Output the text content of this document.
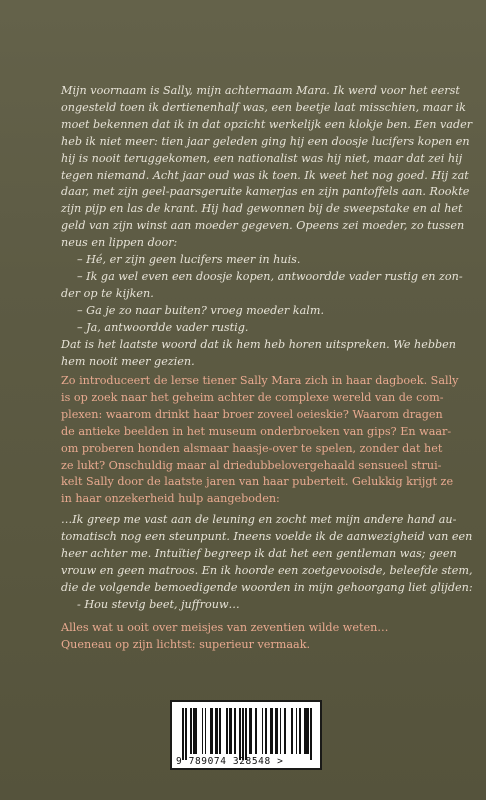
Mijn voornaam is Sally, mijn achternaam Mara. Ik werd voor het eerst
ongesteld toen ik dertienenhalf was, een beetje laat misschien, maar ik
moet bekennen dat ik in dat opzicht werkelijk een klokje ben. Een vader
heb ik niet meer: tien jaar geleden ging hij een doosje lucifers kopen en
hij is nooit teruggekomen, een nationalist was hij niet, maar dat zei hij
tegen niemand. Acht jaar oud was ik toen. Ik weet het nog goed. Hij zat
daar, met zijn geel-paarsgeruite kamerjas en zijn pantoffels aan. Rookte
zijn pijp en las de krant. Hij had gewonnen bij de sweepstake en al het
geld van zijn winst aan moeder gegeven. Opeens zei moeder, zo tussen
neus en lippen door:
– Hé, er zijn geen lucifers meer in huis.
– Ik ga wel even een doosje kopen, antwoordde vader rustig en zon-
der op te kijken.
– Ga je zo naar buiten? vroeg moeder kalm.
– Ja, antwoordde vader rustig.
Dat is het laatste woord dat ik hem heb horen uitspreken. We hebben
hem nooit meer gezien.

Zo introduceert de lerse tiener Sally Mara zich in haar dagboek. Sally
is op zoek naar het geheim achter de complexe wereld van de com-
plexen: waarom drinkt haar broer zoveel oeieskie? Waarom dragen
de antieke beelden in het museum onderbroeken van gips? En waar-
om proberen honden alsmaar haasje-over te spelen, zonder dat het
ze lukt? Onschuldig maar al driedubbelovergehaald sensueel strui-
kelt Sally door de laatste jaren van haar puberteit. Gelukkig krijgt ze
in haar onzekerheid hulp aangeboden:

…Ik greep me vast aan de leuning en zocht met mijn andere hand au-
tomatisch nog een steunpunt. Ineens voelde ik de aanwezigheid van een
heer achter me. Intuïtief begreep ik dat het een gentleman was; geen
vrouw en geen matroos. En ik hoorde een zoetgevooisde, beleefde stem,
die de volgende bemoedigende woorden in mijn gehoorgang liet glijden:
- Hou stevig beet, juffrouw…

Alles wat u ooit over meisjes van zeventien wilde weten…
Queneau op zijn lichtst: superieur vermaak.

9 789074 328548 >
